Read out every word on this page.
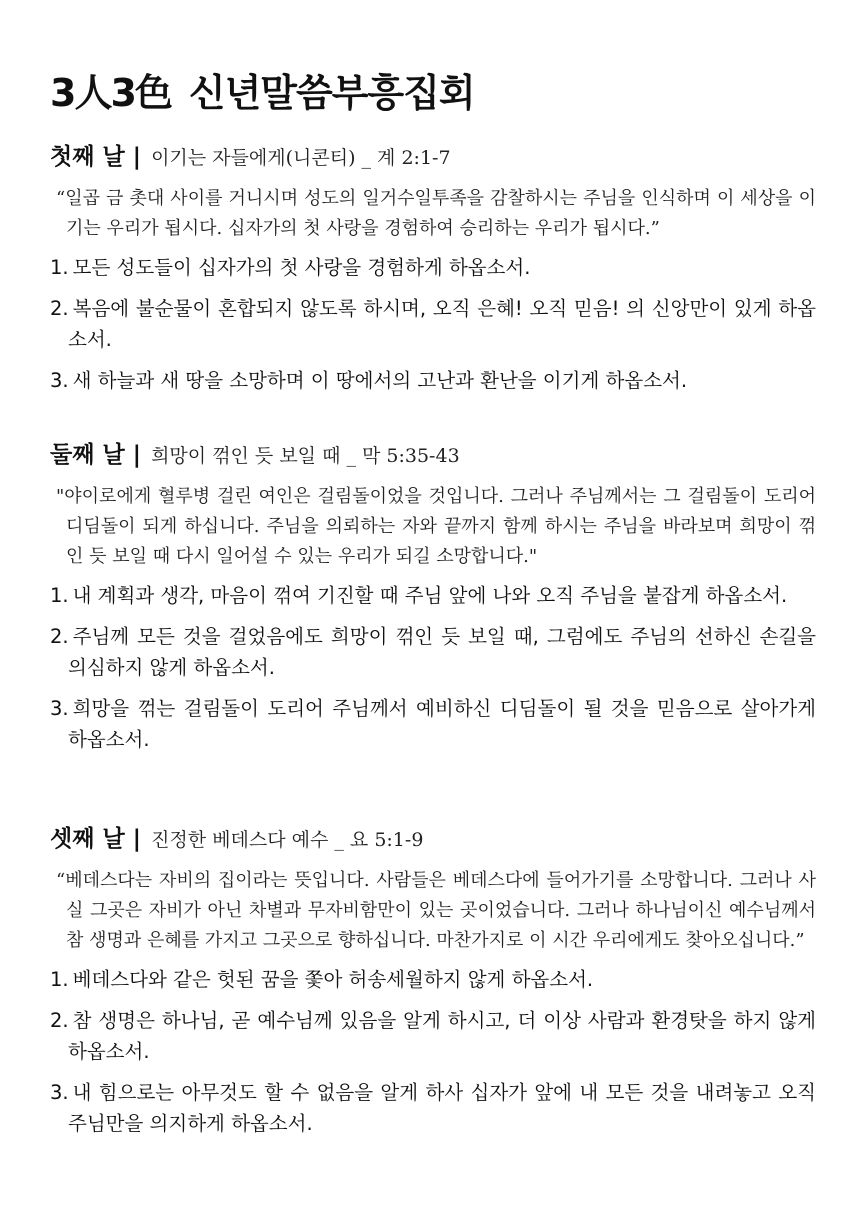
3人3色 신년말씀부흥집회
첫째 날 | 이기는 자들에게(니콘티) _ 계 2:1-7

“일곱 금 촛대 사이를 거니시며 성도의 일거수일투족을 감찰하시는 주님을 인식하며 이 세상을 이기는 우리가 됩시다. 십자가의 첫 사랑을 경험하여 승리하는 우리가 됩시다.”

1. 모든 성도들이 십자가의 첫 사랑을 경험하게 하옵소서.
2. 복음에 불순물이 혼합되지 않도록 하시며, 오직 은혜! 오직 믿음! 의 신앙만이 있게 하옵소서.
3. 새 하늘과 새 땅을 소망하며 이 땅에서의 고난과 환난을 이기게 하옵소서.
둘째 날 | 희망이 꺾인 듯 보일 때 _ 막 5:35-43

"야이로에게 혈루병 걸린 여인은 걸림돌이었을 것입니다. 그러나 주님께서는 그 걸림돌이 도리어 디딤돌이 되게 하십니다. 주님을 의뢰하는 자와 끝까지 함께 하시는 주님을 바라보며 희망이 꺾인 듯 보일 때 다시 일어설 수 있는 우리가 되길 소망합니다."

1. 내 계획과 생각, 마음이 꺾여 기진할 때 주님 앞에 나와 오직 주님을 붙잡게 하옵소서.
2. 주님께 모든 것을 걸었음에도 희망이 꺾인 듯 보일 때, 그럼에도 주님의 선하신 손길을 의심하지 않게 하옵소서.
3. 희망을 꺾는 걸림돌이 도리어 주님께서 예비하신 디딤돌이 될 것을 믿음으로 살아가게 하옵소서.
셋째 날 | 진정한 베데스다 예수 _ 요 5:1-9

“베데스다는 자비의 집이라는 뜻입니다. 사람들은 베데스다에 들어가기를 소망합니다. 그러나 사실 그곳은 자비가 아닌 차별과 무자비함만이 있는 곳이었습니다. 그러나 하나님이신 예수님께서 참 생명과 은혜를 가지고 그곳으로 향하십니다. 마찬가지로 이 시간 우리에게도 찾아오십니다.”

1. 베데스다와 같은 헛된 꿈을 쫓아 허송세월하지 않게 하옵소서.
2. 참 생명은 하나님, 곧 예수님께 있음을 알게 하시고, 더 이상 사람과 환경탓을 하지 않게 하옵소서.
3. 내 힘으로는 아무것도 할 수 없음을 알게 하사 십자가 앞에 내 모든 것을 내려놓고 오직 주님만을 의지하게 하옵소서.
